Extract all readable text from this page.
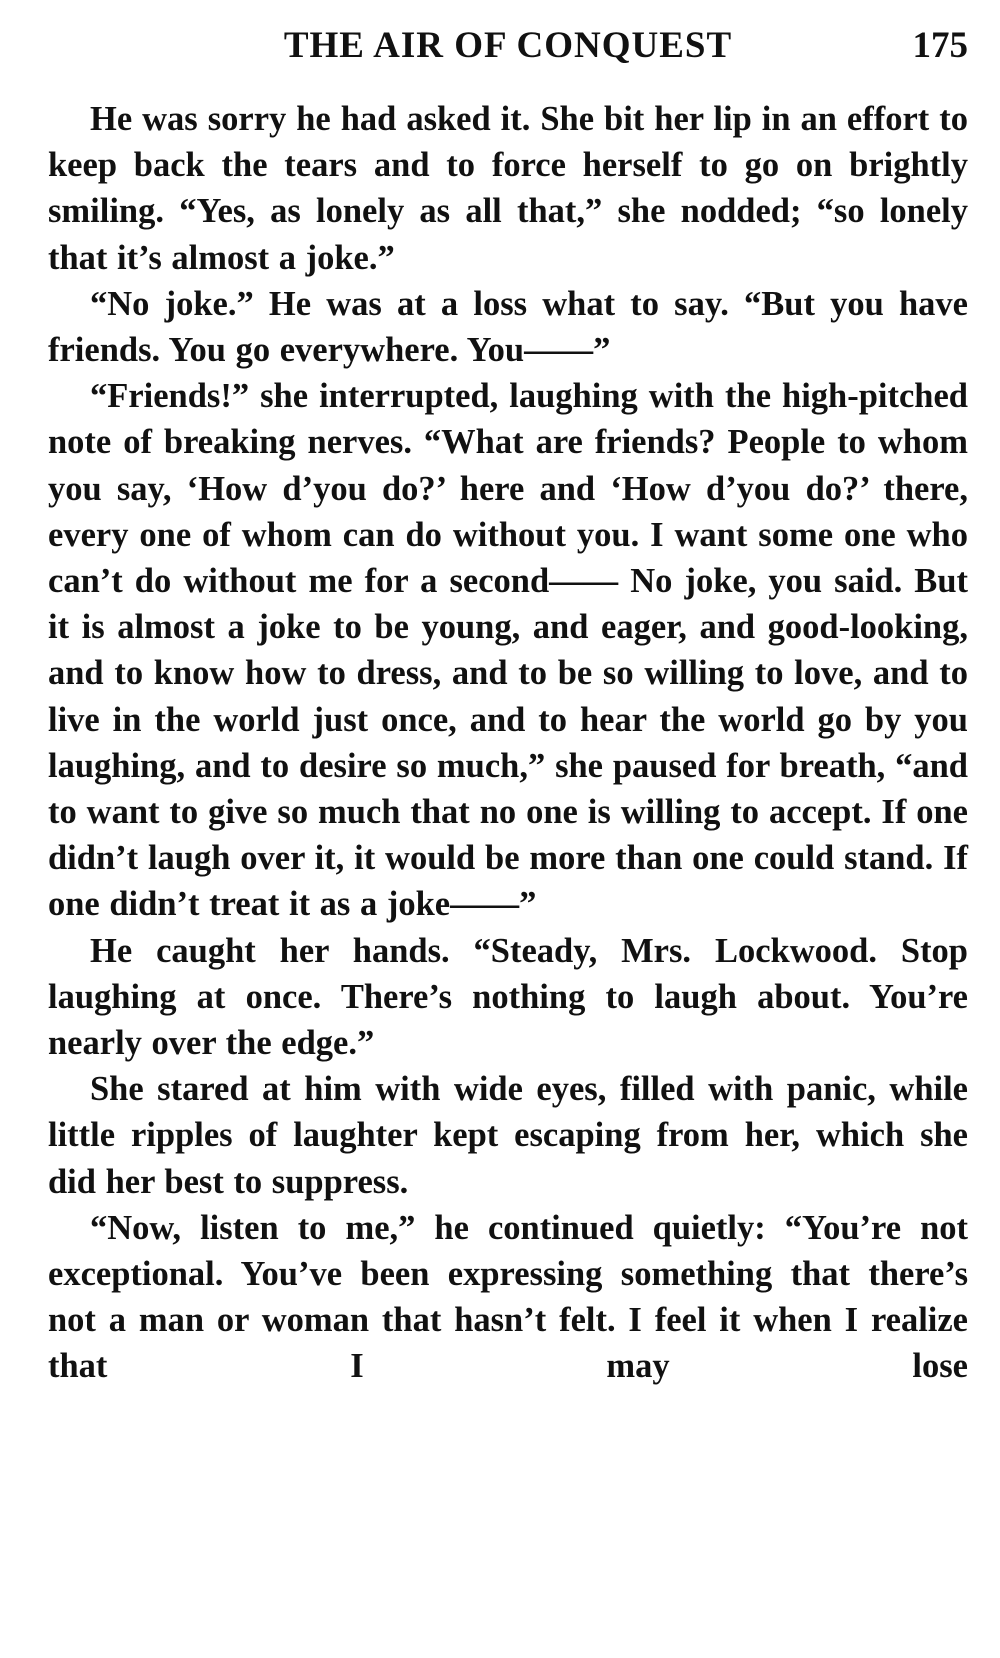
THE AIR OF CONQUEST	175

He was sorry he had asked it. She bit her lip in an effort to keep back the tears and to force herself to go on brightly smiling. “Yes, as lonely as all that,” she nodded; “so lonely that it’s almost a joke.”

“No joke.” He was at a loss what to say. “But you have friends. You go everywhere. You——”

“Friends!” she interrupted, laughing with the high-pitched note of breaking nerves. “What are friends? People to whom you say, ‘How d’you do?’ here and ‘How d’you do?’ there, every one of whom can do without you. I want some one who can’t do without me for a second—— No joke, you said. But it is almost a joke to be young, and eager, and good-looking, and to know how to dress, and to be so willing to love, and to live in the world just once, and to hear the world go by you laughing, and to desire so much,” she paused for breath, “and to want to give so much that no one is willing to accept. If one didn’t laugh over it, it would be more than one could stand. If one didn’t treat it as a joke——”

He caught her hands. “Steady, Mrs. Lockwood. Stop laughing at once. There’s nothing to laugh about. You’re nearly over the edge.”

She stared at him with wide eyes, filled with panic, while little ripples of laughter kept escaping from her, which she did her best to suppress.

“Now, listen to me,” he continued quietly: “You’re not exceptional. You’ve been expressing something that there’s not a man or woman that hasn’t felt. I feel it when I realize that I may lose
